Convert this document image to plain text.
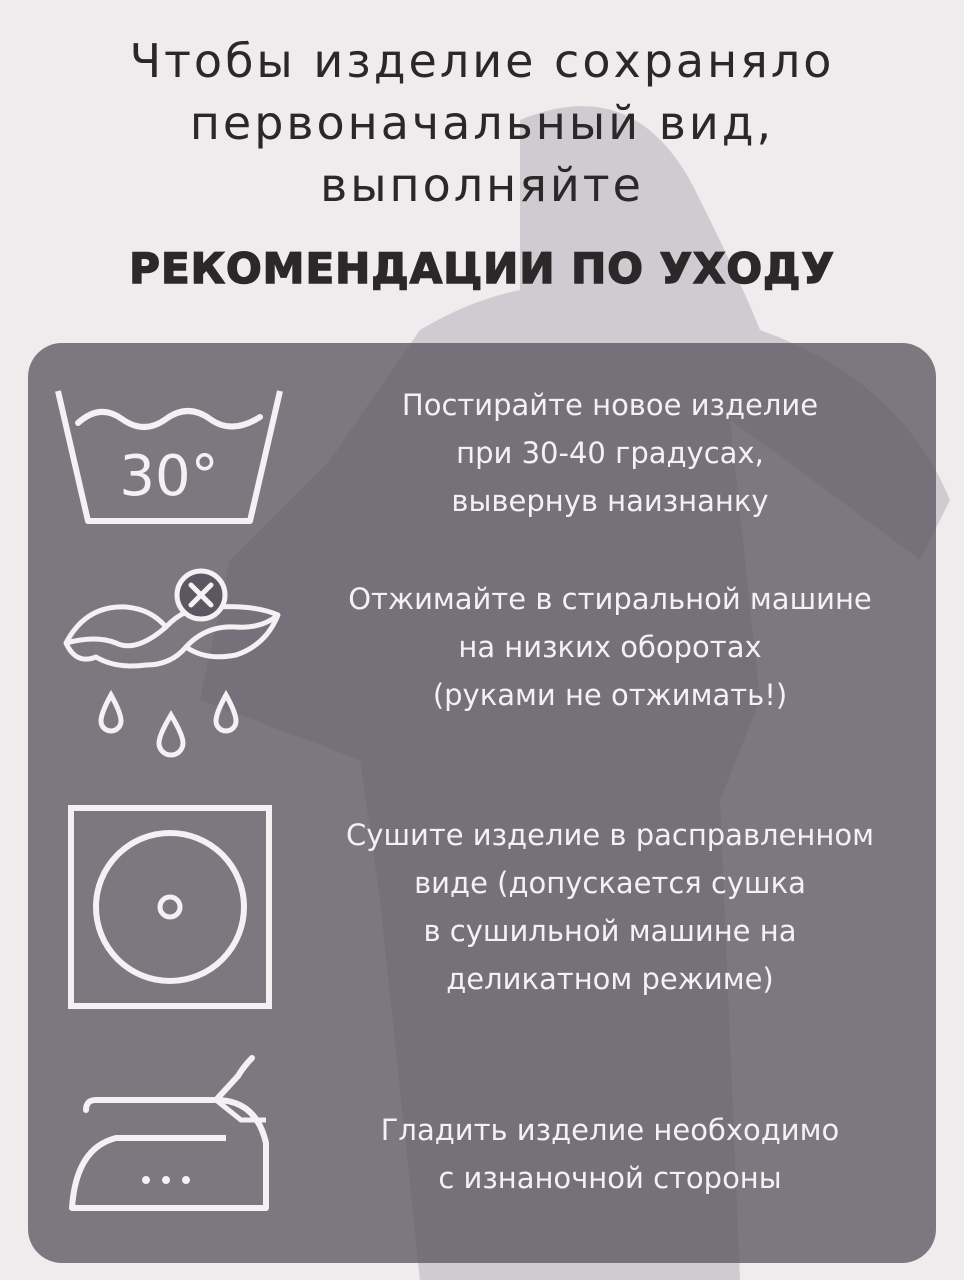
Чтобы изделие сохраняло
первоначальный вид,
выполняйте
РЕКОМЕНДАЦИИ ПО УХОДУ
30°
Постирайте новое изделие
при 30-40 градусах,
вывернув наизнанку
Отжимайте в стиральной машине
на низких оборотах
(руками не отжимать!)
Сушите изделие в расправленном
виде (допускается сушка
в сушильной машине на
деликатном режиме)
Гладить изделие необходимо
с изнаночной стороны
